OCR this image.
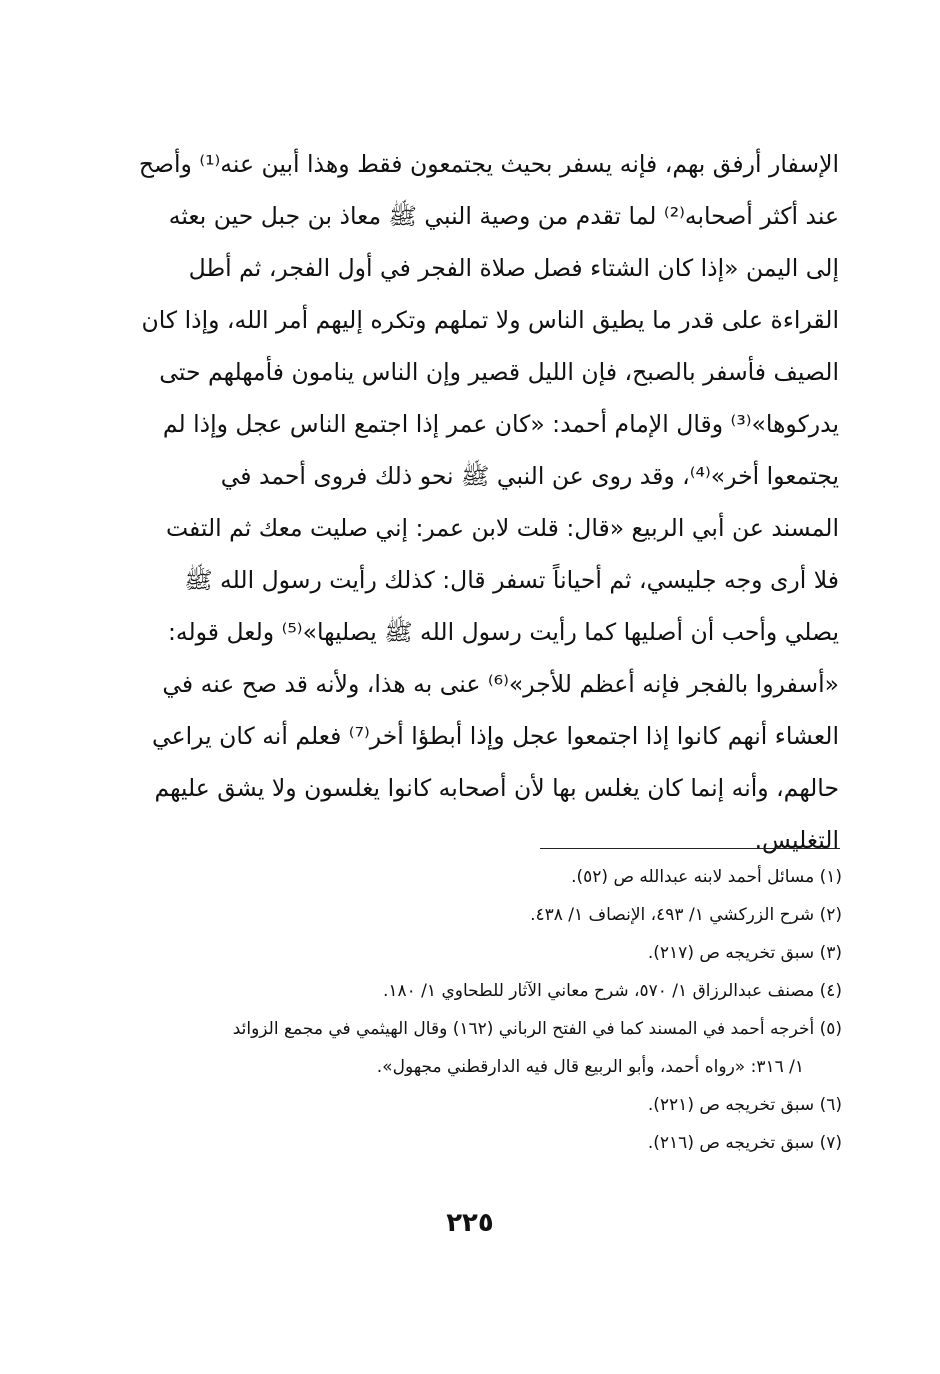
الإسفار أرفق بهم، فإنه يسفر بحيث يجتمعون فقط وهذا أبين عنه⁽¹⁾ وأصح
عند أكثر أصحابه⁽²⁾ لما تقدم من وصية النبي ﷺ معاذ بن جبل حين بعثه
إلى اليمن «إذا كان الشتاء فصل صلاة الفجر في أول الفجر، ثم أطل
القراءة على قدر ما يطيق الناس ولا تملهم وتكره إليهم أمر الله، وإذا كان
الصيف فأسفر بالصبح، فإن الليل قصير وإن الناس ينامون فأمهلهم حتى
يدركوها»⁽³⁾ وقال الإمام أحمد: «كان عمر إذا اجتمع الناس عجل وإذا لم
يجتمعوا أخر»⁽⁴⁾، وقد روى عن النبي ﷺ نحو ذلك فروى أحمد في
المسند عن أبي الربيع «قال: قلت لابن عمر: إني صليت معك ثم التفت
فلا أرى وجه جليسي، ثم أحياناً تسفر قال: كذلك رأيت رسول الله ﷺ
يصلي وأحب أن أصليها كما رأيت رسول الله ﷺ يصليها»⁽⁵⁾ ولعل قوله:
«أسفروا بالفجر فإنه أعظم للأجر»⁽⁶⁾ عنى به هذا، ولأنه قد صح عنه في
العشاء أنهم كانوا إذا اجتمعوا عجل وإذا أبطؤا أخر⁽⁷⁾ فعلم أنه كان يراعي
حالهم، وأنه إنما كان يغلس بها لأن أصحابه كانوا يغلسون ولا يشق عليهم
التغليس.
(١) مسائل أحمد لابنه عبدالله ص (٥٢).
(٢) شرح الزركشي ١/ ٤٩٣، الإنصاف ١/ ٤٣٨.
(٣) سبق تخريجه ص (٢١٧).
(٤) مصنف عبدالرزاق ١/ ٥٧٠، شرح معاني الآثار للطحاوي ١/ ١٨٠.
(٥) أخرجه أحمد في المسند كما في الفتح الرباني (١٦٢) وقال الهيثمي في مجمع الزوائد
١/ ٣١٦: «رواه أحمد، وأبو الربيع قال فيه الدارقطني مجهول».
(٦) سبق تخريجه ص (٢٢١).
(٧) سبق تخريجه ص (٢١٦).
٢٢٥
